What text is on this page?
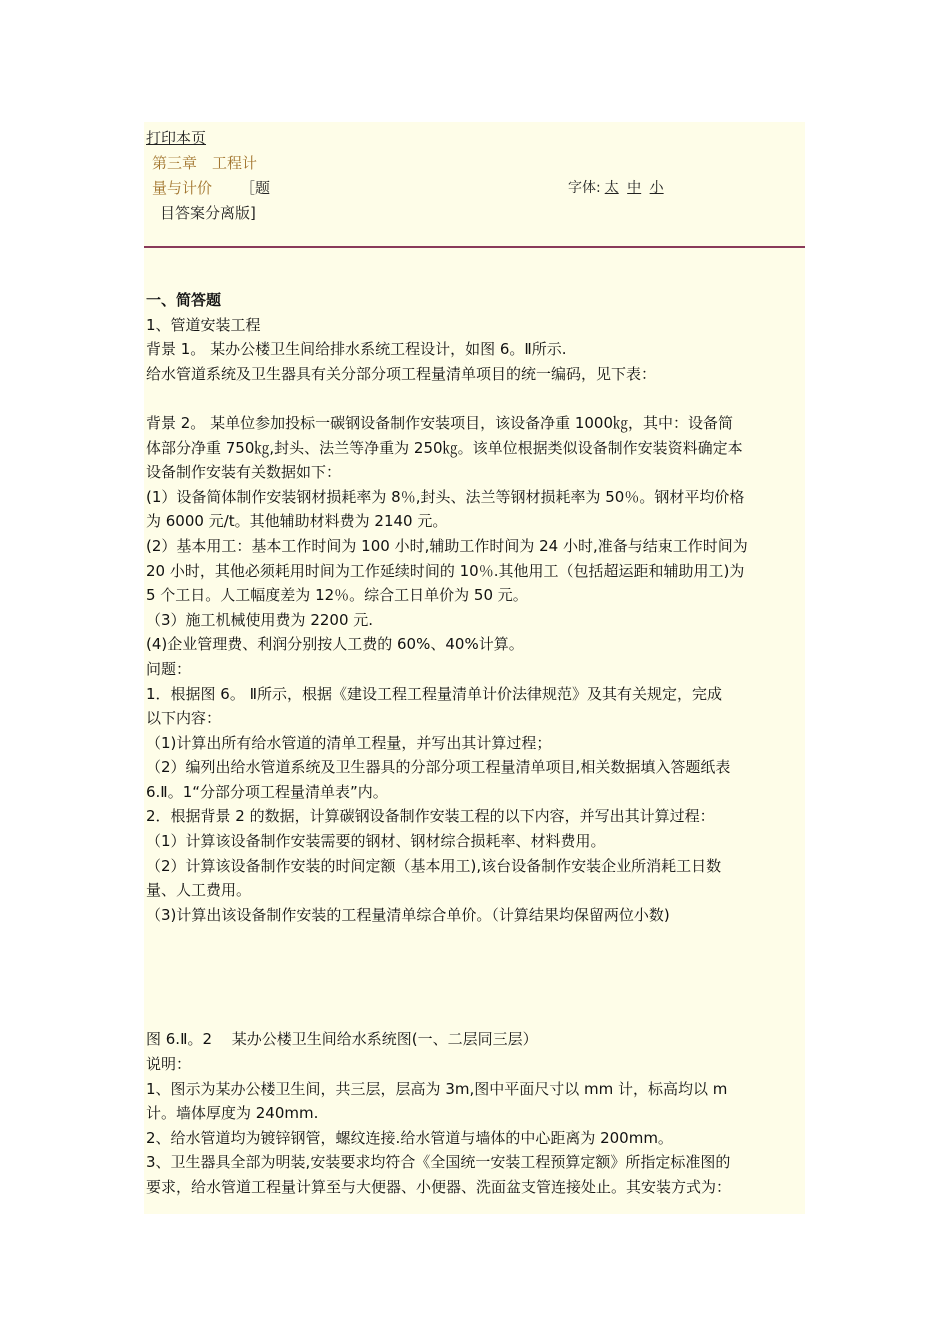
打印本页
第三章　工程计
量与计价 ［题
目答案分离版]
字体: 太 中 小

一、简答题

1、管道安装工程

背景 1。 某办公楼卫生间给排水系统工程设计，如图 6。Ⅱ所示.

给水管道系统及卫生器具有关分部分项工程量清单项目的统一编码，见下表：

背景 2。 某单位参加投标一碳钢设备制作安装项目，该设备净重 1000㎏，其中：设备简

体部分净重 750㎏,封头、法兰等净重为 250㎏。该单位根据类似设备制作安装资料确定本

设备制作安装有关数据如下：

(1）设备简体制作安装钢材损耗率为 8％,封头、法兰等钢材损耗率为 50％。钢材平均价格

为 6000 元/t。其他辅助材料费为 2140 元。

(2）基本用工：基本工作时间为 100 小时,辅助工作时间为 24 小时,准备与结束工作时间为

20 小时，其他必须耗用时间为工作延续时间的 10％.其他用工（包括超运距和辅助用工)为

5 个工日。人工幅度差为 12％。综合工日单价为 50 元。

（3）施工机械使用费为 2200 元.

(4)企业管理费、利润分别按人工费的 60%、40%计算。

问题：

1．根据图 6。 Ⅱ所示，根据《建设工程工程量清单计价法律规范》及其有关规定，完成

以下内容：

（1)计算出所有给水管道的清单工程量，并写出其计算过程；

（2）编列出给水管道系统及卫生器具的分部分项工程量清单项目,相关数据填入答题纸表

6.Ⅱ。1“分部分项工程量清单表”内。

2．根据背景 2 的数据，计算碳钢设备制作安装工程的以下内容，并写出其计算过程：

（1）计算该设备制作安装需要的钢材、钢材综合损耗率、材料费用。

（2）计算该设备制作安装的时间定额（基本用工),该台设备制作安装企业所消耗工日数

量、人工费用。

（3)计算出该设备制作安装的工程量清单综合单价。（计算结果均保留两位小数)

图 6.Ⅱ。2　 某办公楼卫生间给水系统图(一、二层同三层）

说明：

1、图示为某办公楼卫生间，共三层，层高为 3m,图中平面尺寸以 mm 计，标高均以 m

计。墙体厚度为 240mm.

2、给水管道均为镀锌钢管，螺纹连接.给水管道与墙体的中心距离为 200mm。

3、卫生器具全部为明装,安装要求均符合《全国统一安装工程预算定额》所指定标准图的

要求，给水管道工程量计算至与大便器、小便器、洗面盆支管连接处止。其安装方式为：
